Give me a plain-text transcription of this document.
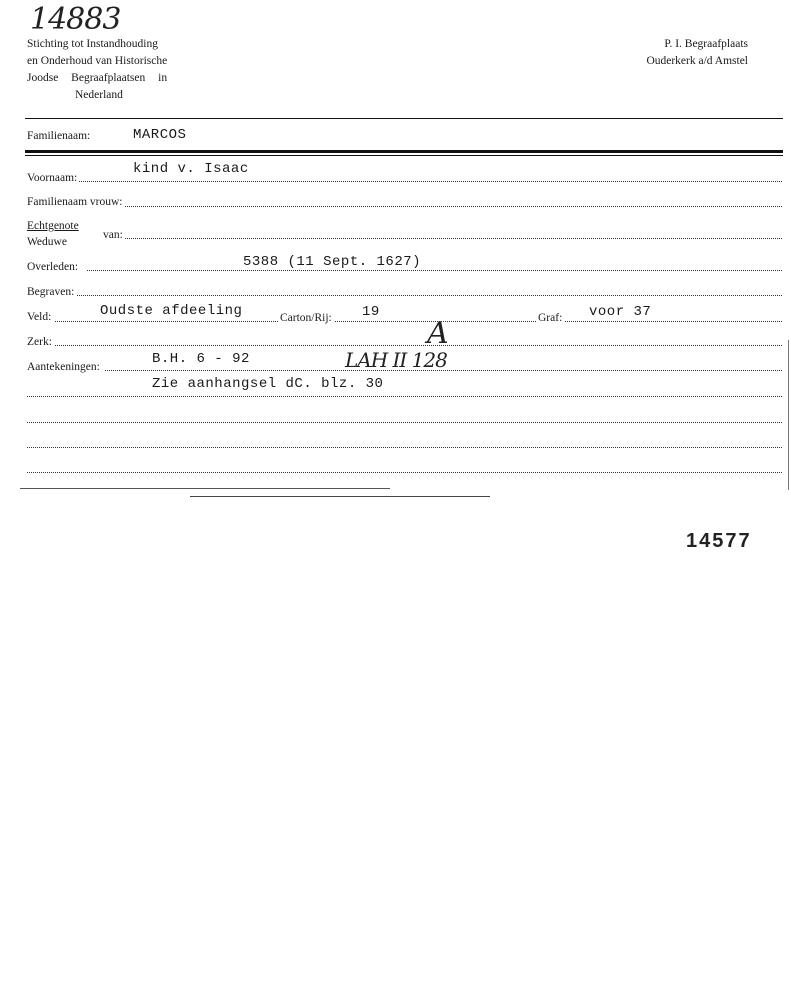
14883
Stichting tot Instandhouding
en Onderhoud van Historische
Joodse Begraafplaatsen in
Nederland
P. I. Begraafplaats
Ouderkerk a/d Amstel
Familienaam:	MARCOS
Voornaam:
kind v. Isaac
Familienaam vrouw:
Echtgenote
Weduwe
van:
Overleden:	5388 (11 Sept. 1627)
Begraven:
Veld:	Oudste afdeeling	Carton/Rij: 19	Graf: voor 37
Zerk:	A
Aantekeningen:	B.H. 6 - 92	LAH II 128
Zie aanhangsel dC. blz. 30
14577
